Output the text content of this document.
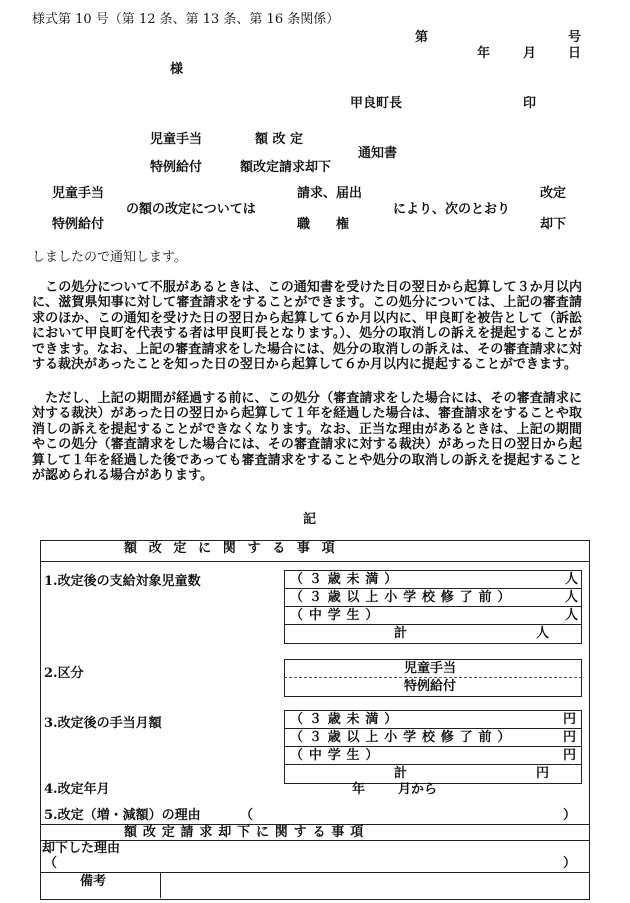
様式第 10 号（第 12 条、第 13 条、第 16 条関係）
第	号
年	月 日
様
甲良町長	印
児童手当	額 改 定
通知書
特例給付	額改定請求却下
児童手当
特例給付
の額の改定については
請求、届出
職　　権
により、次のとおり
改定
却下
しましたので通知します。
　この処分について不服があるときは、この通知書を受けた日の翌日から起算して３か月以内に、滋賀県知事に対して審査請求をすることができます。この処分については、上記の審査請求のほか、この通知を受けた日の翌日から起算して６か月以内に、甲良町を被告として（訴訟において甲良町を代表する者は甲良町長となります。）、処分の取消しの訴えを提起することができます。なお、上記の審査請求をした場合には、処分の取消しの訴えは、その審査請求に対する裁決があったことを知った日の翌日から起算して６か月以内に提起することができます。
　ただし、上記の期間が経過する前に、この処分（審査請求をした場合には、その審査請求に対する裁決）があった日の翌日から起算して１年を経過した場合は、審査請求をすることや取消しの訴えを提起することができなくなります。なお、正当な理由があるときは、上記の期間やこの処分（審査請求をした場合には、その審査請求に対する裁決）があった日の翌日から起算して１年を経過した後であっても審査請求をすることや処分の取消しの訴えを提起することが認められる場合があります。
記
額改定に関する事項
1.改定後の支給対象児童数	（３歳未満）	人
（３歳以上小学校修了前）	人
（中学生）	人
計	人
2.区分	児童手当
特例給付
3.改定後の手当月額	（３歳未満）	円
（３歳以上小学校修了前）	円
（中学生）	円
計	円
4.改定年月	年	月から
5.改定（増・減額）の理由	（	）
額改定請求却下に関する事項
却下した理由
（	）
備考
